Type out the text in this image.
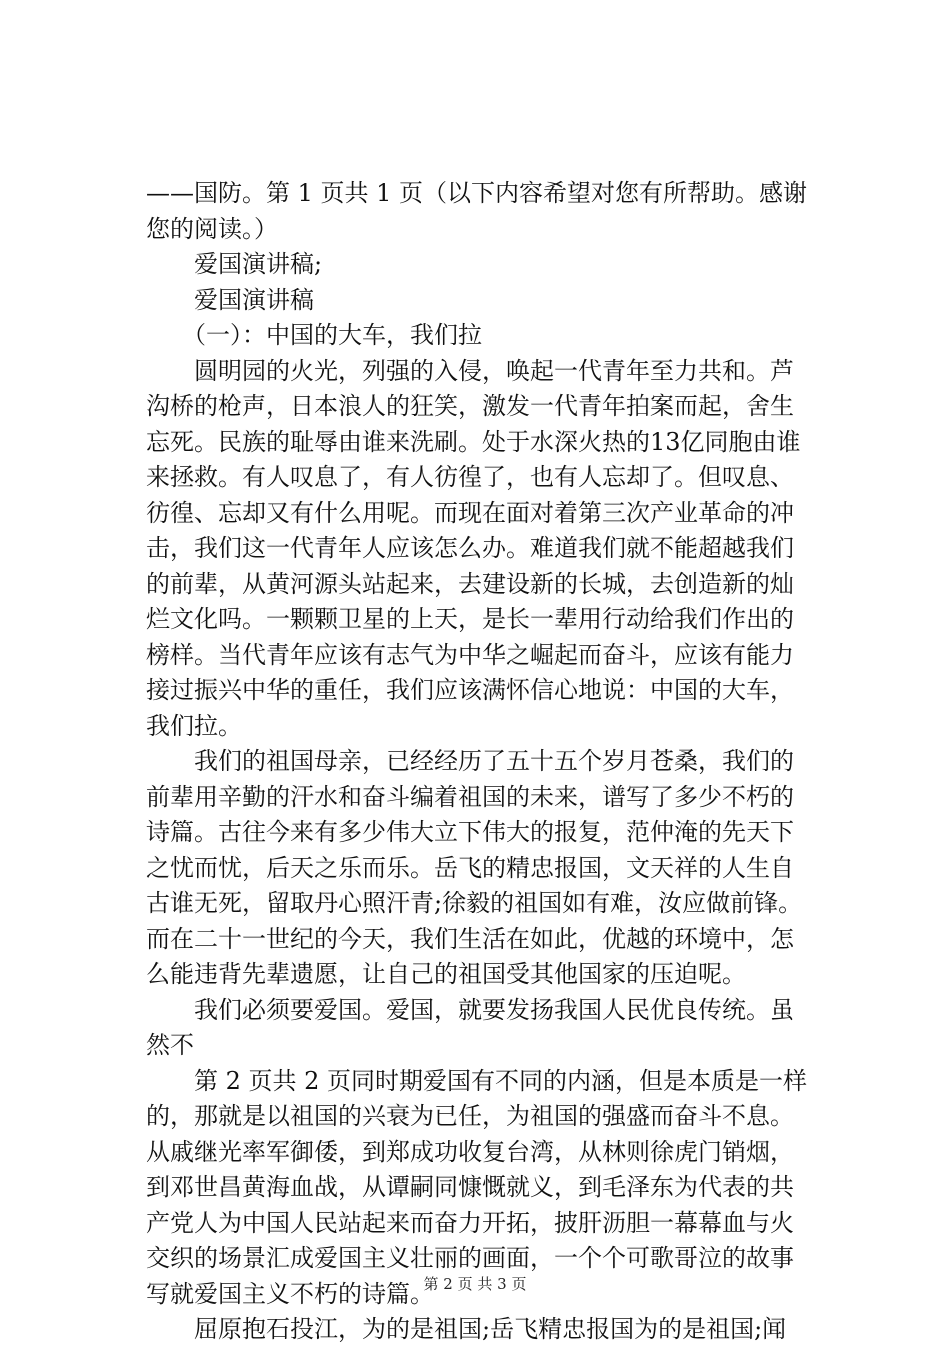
——国防。第 1 页共 1 页（以下内容希望对您有所帮助。感谢
您的阅读。）
　　爱国演讲稿;
　　爱国演讲稿
　　（一）：中国的大车，我们拉
　　圆明园的火光，列强的入侵，唤起一代青年至力共和。芦
沟桥的枪声，日本浪人的狂笑，激发一代青年拍案而起，舍生
忘死。民族的耻辱由谁来洗刷。处于水深火热的13亿同胞由谁
来拯救。有人叹息了，有人彷徨了，也有人忘却了。但叹息、
彷徨、忘却又有什么用呢。而现在面对着第三次产业革命的冲
击，我们这一代青年人应该怎么办。难道我们就不能超越我们
的前辈，从黄河源头站起来，去建设新的长城，去创造新的灿
烂文化吗。一颗颗卫星的上天，是长一辈用行动给我们作出的
榜样。当代青年应该有志气为中华之崛起而奋斗，应该有能力
接过振兴中华的重任，我们应该满怀信心地说：中国的大车，
我们拉。
　　我们的祖国母亲，已经经历了五十五个岁月苍桑，我们的
前辈用辛勤的汗水和奋斗编着祖国的未来，谱写了多少不朽的
诗篇。古往今来有多少伟大立下伟大的报复，范仲淹的先天下
之忧而忧，后天之乐而乐。岳飞的精忠报国，文天祥的人生自
古谁无死，留取丹心照汗青;徐毅的祖国如有难，汝应做前锋。
而在二十一世纪的今天，我们生活在如此，优越的环境中，怎
么能违背先辈遗愿，让自己的祖国受其他国家的压迫呢。
　　我们必须要爱国。爱国，就要发扬我国人民优良传统。虽
然不
　　第 2 页共 2 页同时期爱国有不同的内涵，但是本质是一样
的，那就是以祖国的兴衰为已任，为祖国的强盛而奋斗不息。
从戚继光率军御倭，到郑成功收复台湾，从林则徐虎门销烟，
到邓世昌黄海血战，从谭嗣同慷慨就义，到毛泽东为代表的共
产党人为中国人民站起来而奋力开拓，披肝沥胆一幕幕血与火
交织的场景汇成爱国主义壮丽的画面，一个个可歌哥泣的故事
写就爱国主义不朽的诗篇。
　　屈原抱石投江，为的是祖国;岳飞精忠报国为的是祖国;闻
第 2 页 共 3 页
